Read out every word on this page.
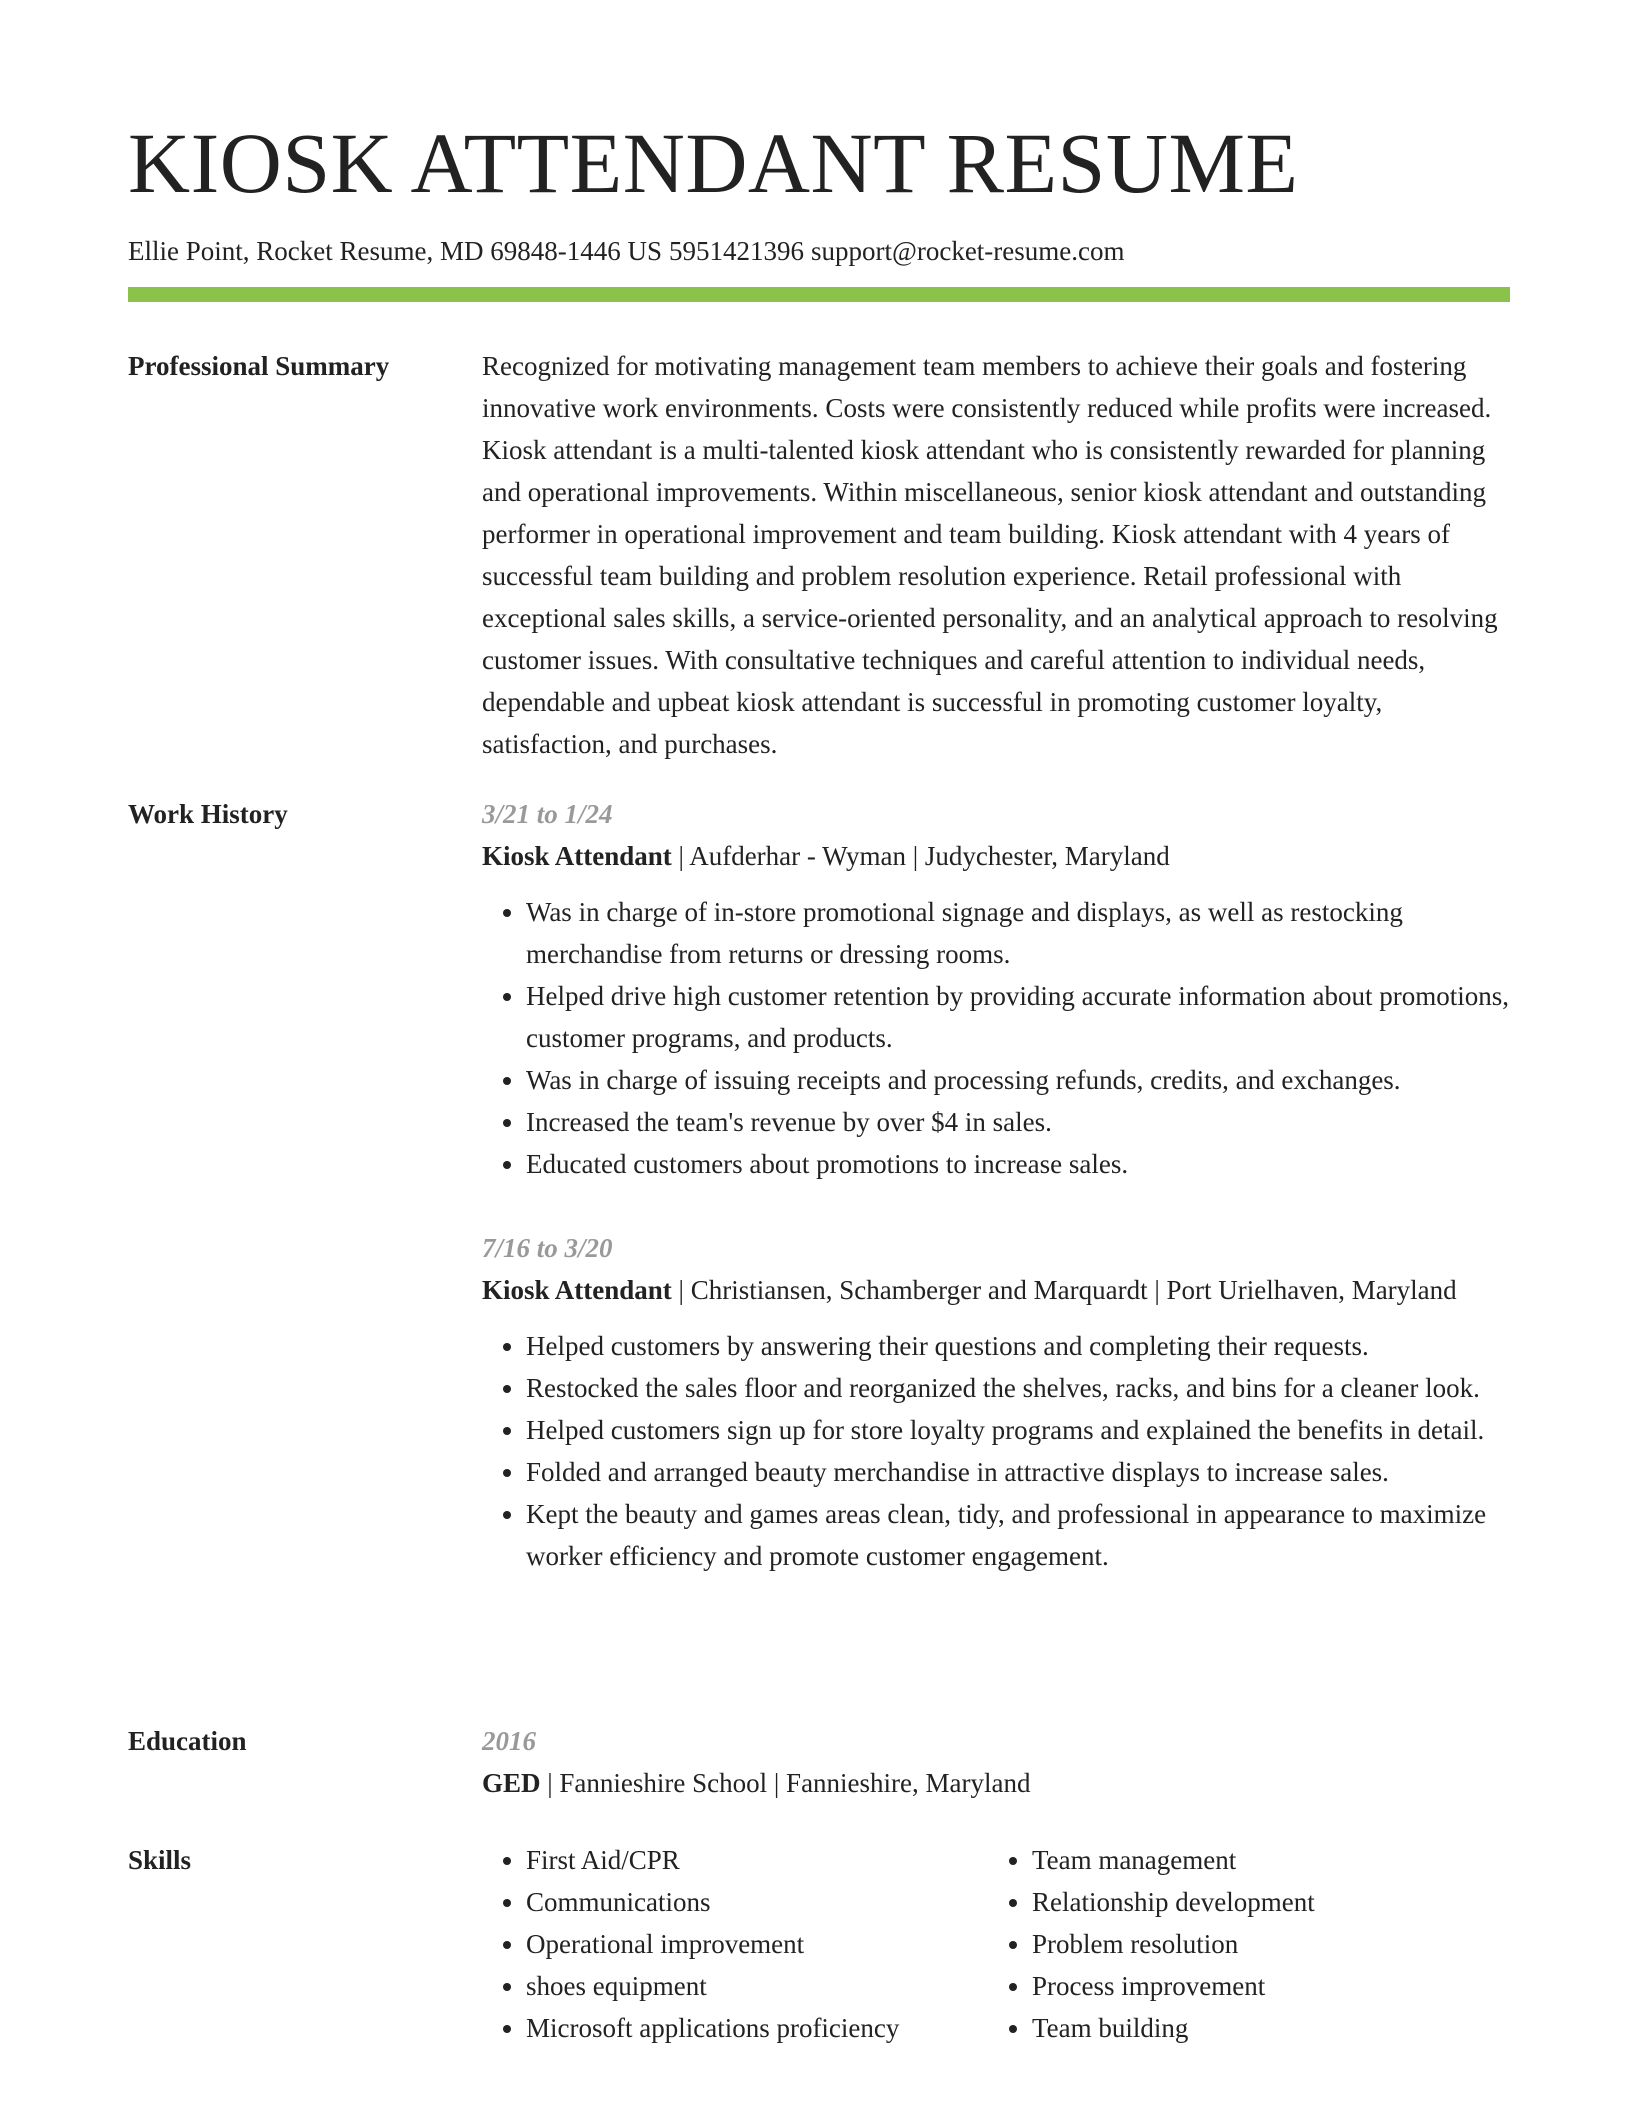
KIOSK ATTENDANT RESUME
Ellie Point, Rocket Resume, MD 69848-1446 US 5951421396 support@rocket-resume.com
Professional Summary	Recognized for motivating management team members to achieve their goals and fostering innovative work environments. Costs were consistently reduced while profits were increased. Kiosk attendant is a multi-talented kiosk attendant who is consistently rewarded for planning and operational improvements. Within miscellaneous, senior kiosk attendant and outstanding performer in operational improvement and team building. Kiosk attendant with 4 years of successful team building and problem resolution experience. Retail professional with exceptional sales skills, a service-oriented personality, and an analytical approach to resolving customer issues. With consultative techniques and careful attention to individual needs, dependable and upbeat kiosk attendant is successful in promoting customer loyalty, satisfaction, and purchases.

Work History	3/21 to 1/24
Kiosk Attendant | Aufderhar - Wyman | Judychester, Maryland
• Was in charge of in-store promotional signage and displays, as well as restocking merchandise from returns or dressing rooms.
• Helped drive high customer retention by providing accurate information about promotions, customer programs, and products.
• Was in charge of issuing receipts and processing refunds, credits, and exchanges.
• Increased the team's revenue by over $4 in sales.
• Educated customers about promotions to increase sales.
7/16 to 3/20
Kiosk Attendant | Christiansen, Schamberger and Marquardt | Port Urielhaven, Maryland
• Helped customers by answering their questions and completing their requests.
• Restocked the sales floor and reorganized the shelves, racks, and bins for a cleaner look.
• Helped customers sign up for store loyalty programs and explained the benefits in detail.
• Folded and arranged beauty merchandise in attractive displays to increase sales.
• Kept the beauty and games areas clean, tidy, and professional in appearance to maximize worker efficiency and promote customer engagement.
Education	2016
GED | Fannieshire School | Fannieshire, Maryland
Skills
•	First Aid/CPR
• Communications
• Operational improvement
• shoes equipment
• Microsoft applications proficiency
• Team management
• Relationship development
• Problem resolution
• Process improvement
• Team building
